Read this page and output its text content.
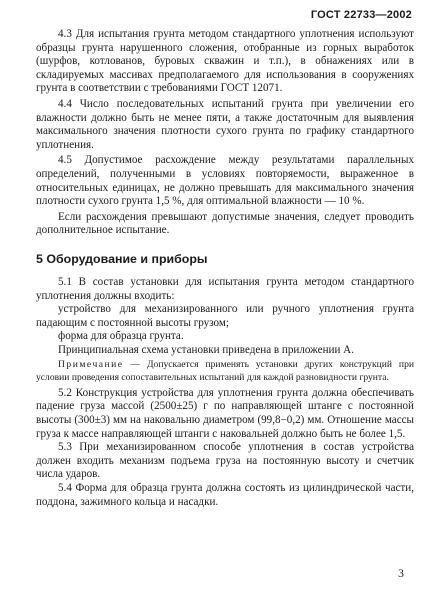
ГОСТ 22733—2002

4.3 Для испытания грунта методом стандартного уплотнения используют образцы грунта нарушенного сложения, отобранные из горных выработок (шурфов, котлованов, буровых скважин и т.п.), в обнажениях или в складируемых массивах предполагаемого для использования в сооружениях грунта в соответствии с требованиями ГОСТ 12071.

4.4 Число последовательных испытаний грунта при увеличении его влажности должно быть не менее пяти, а также достаточным для выявления максимального значения плотности сухого грунта по графику стандартного уплотнения.

4.5 Допустимое расхождение между результатами параллельных определений, полученными в условиях повторяемости, выраженное в относительных единицах, не должно превышать для максимального значения плотности сухого грунта 1,5 %, для оптимальной влажности — 10 %.

Если расхождения превышают допустимые значения, следует проводить дополнительное испытание.

5 Оборудование и приборы

5.1 В состав установки для испытания грунта методом стандартного уплотнения должны входить:

устройство для механизированного или ручного уплотнения грунта падающим с постоянной высоты грузом;

форма для образца грунта.

Принципиальная схема установки приведена в приложении А.

Примечание — Допускается применять установки других конструкций при условии проведения сопоставительных испытаний для каждой разновидности грунта.

5.2 Конструкция устройства для уплотнения грунта должна обеспечивать падение груза массой (2500±25) г по направляющей штанге с постоянной высоты (300±3) мм на наковальню диаметром (99,8−0,2) мм. Отношение массы груза к массе направляющей штанги с наковальней должно быть не более 1,5.

5.3 При механизированном способе уплотнения в состав устройства должен входить механизм подъема груза на постоянную высоту и счетчик числа ударов.

5.4 Форма для образца грунта должна состоять из цилиндрической части, поддона, зажимного кольца и насадки.

3
